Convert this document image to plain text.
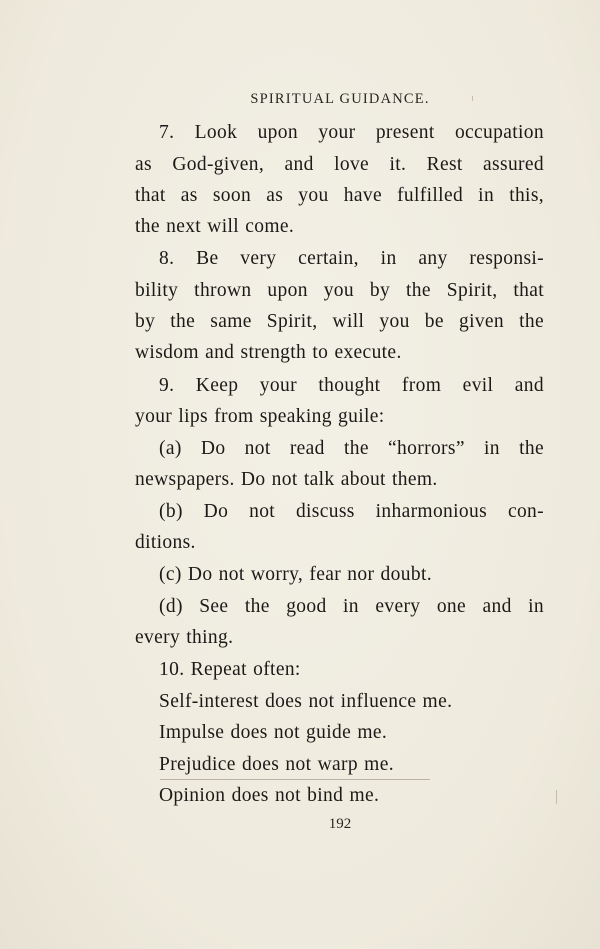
SPIRITUAL GUIDANCE.
7. Look upon your present occupation
as God-given, and love it. Rest assured
that as soon as you have fulfilled in this,
the next will come.
8. Be very certain, in any responsi-
bility thrown upon you by the Spirit, that
by the same Spirit, will you be given the
wisdom and strength to execute.
9. Keep your thought from evil and
your lips from speaking guile:
(a) Do not read the “horrors” in the
newspapers. Do not talk about them.
(b) Do not discuss inharmonious con-
ditions.
(c) Do not worry, fear nor doubt.
(d) See the good in every one and in
every thing.
10. Repeat often:
Self-interest does not influence me.
Impulse does not guide me.
Prejudice does not warp me.
Opinion does not bind me.
192
